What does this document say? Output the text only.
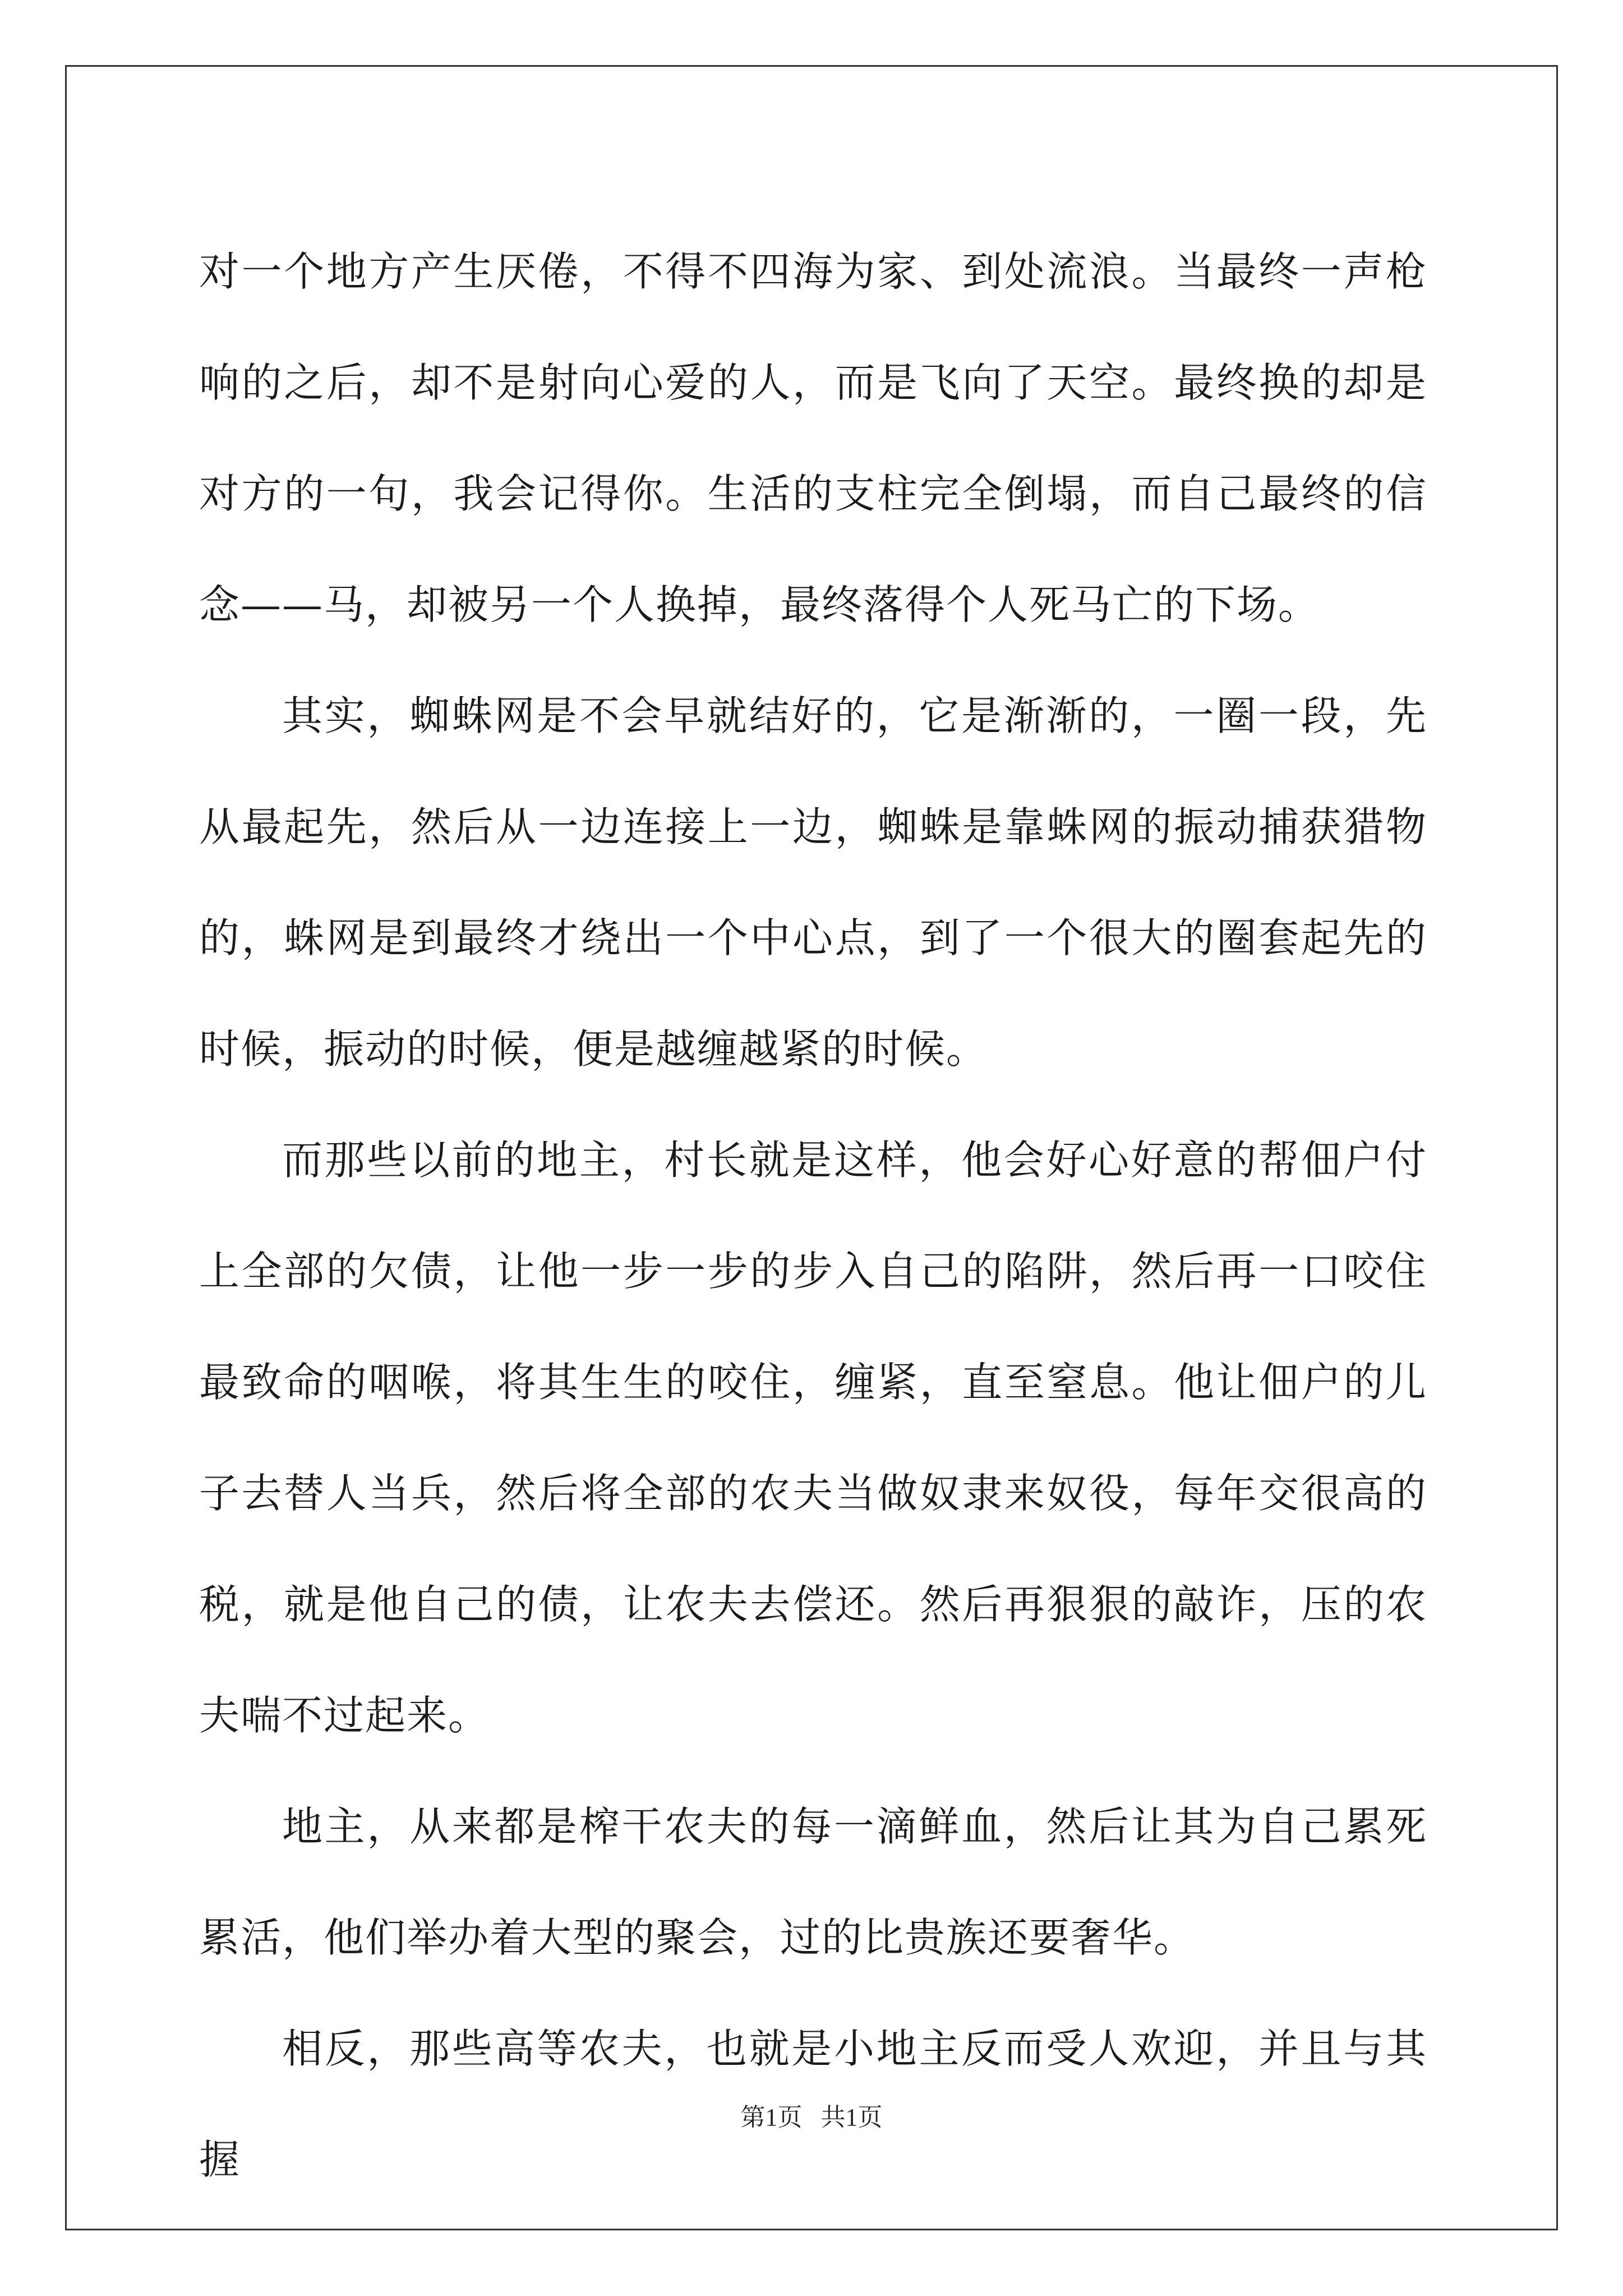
对一个地方产生厌倦，不得不四海为家、到处流浪。当最终一声枪响的之后，却不是射向心爱的人，而是飞向了天空。最终换的却是对方的一句，我会记得你。生活的支柱完全倒塌，而自己最终的信念——马，却被另一个人换掉，最终落得个人死马亡的下场。

其实，蜘蛛网是不会早就结好的，它是渐渐的，一圈一段，先从最起先，然后从一边连接上一边，蜘蛛是靠蛛网的振动捕获猎物的，蛛网是到最终才绕出一个中心点，到了一个很大的圈套起先的时候，振动的时候，便是越缠越紧的时候。

而那些以前的地主，村长就是这样，他会好心好意的帮佃户付上全部的欠债，让他一步一步的步入自己的陷阱，然后再一口咬住最致命的咽喉，将其生生的咬住，缠紧，直至窒息。他让佃户的儿子去替人当兵，然后将全部的农夫当做奴隶来奴役，每年交很高的税，就是他自己的债，让农夫去偿还。然后再狠狠的敲诈，压的农夫喘不过起来。

地主，从来都是榨干农夫的每一滴鲜血，然后让其为自己累死累活，他们举办着大型的聚会，过的比贵族还要奢华。

相反，那些高等农夫，也就是小地主反而受人欢迎，并且与其握

第1页 共1页
